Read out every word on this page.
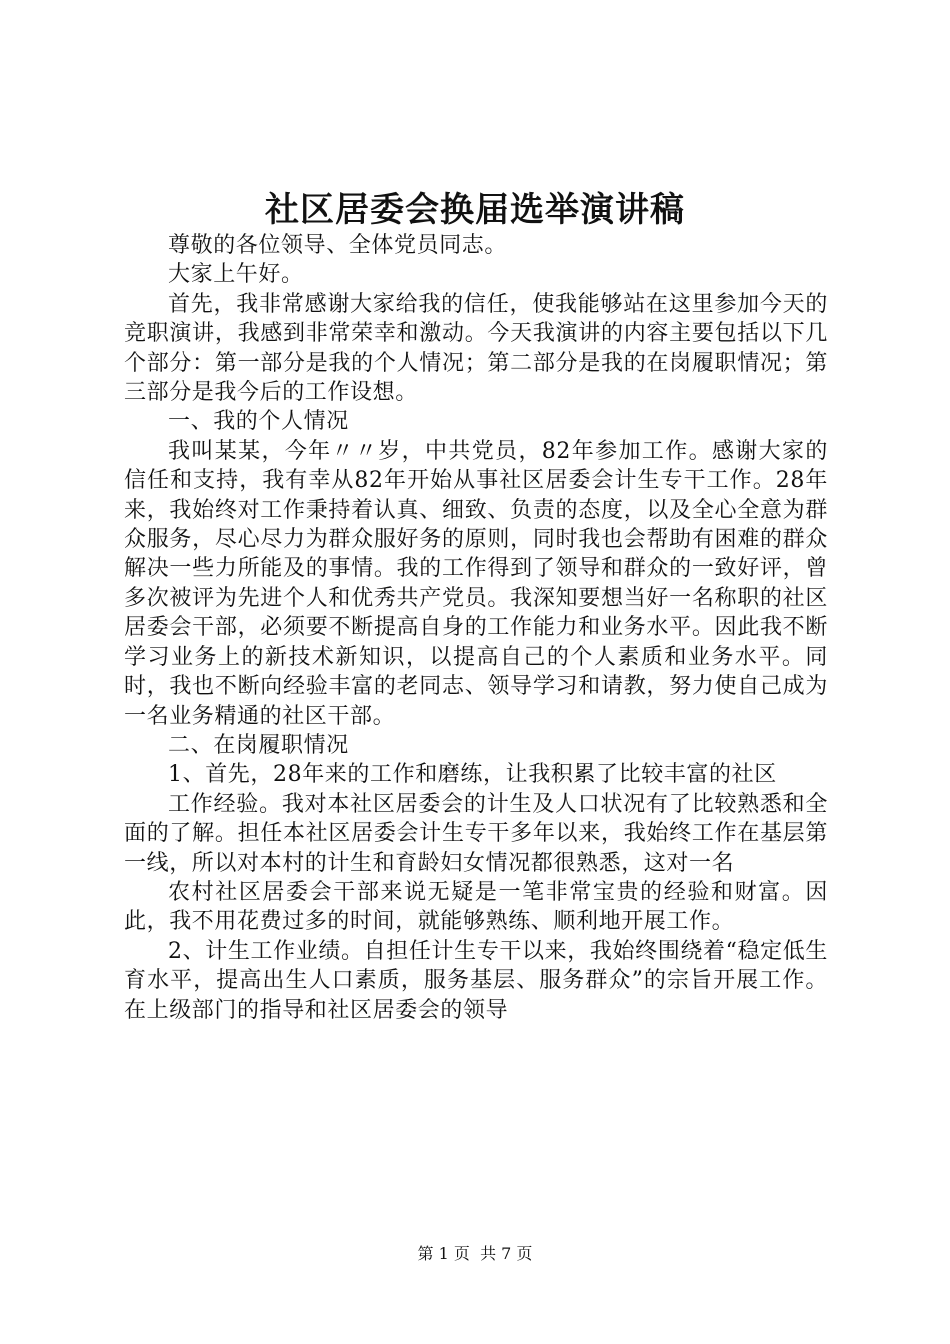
社区居委会换届选举演讲稿

尊敬的各位领导、全体党员同志。

大家上午好。

首先，我非常感谢大家给我的信任，使我能够站在这里参加今天的竞职演讲，我感到非常荣幸和激动。今天我演讲的内容主要包括以下几个部分：第一部分是我的个人情况；第二部分是我的在岗履职情况；第三部分是我今后的工作设想。

一、我的个人情况

我叫某某，今年〃〃岁，中共党员，82年参加工作。感谢大家的信任和支持，我有幸从82年开始从事社区居委会计生专干工作。28年来，我始终对工作秉持着认真、细致、负责的态度，以及全心全意为群众服务，尽心尽力为群众服好务的原则，同时我也会帮助有困难的群众解决一些力所能及的事情。我的工作得到了领导和群众的一致好评，曾多次被评为先进个人和优秀共产党员。我深知要想当好一名称职的社区居委会干部，必须要不断提高自身的工作能力和业务水平。因此我不断学习业务上的新技术新知识，以提高自己的个人素质和业务水平。同时，我也不断向经验丰富的老同志、领导学习和请教，努力使自己成为一名业务精通的社区干部。

二、在岗履职情况

1、首先，28年来的工作和磨练，让我积累了比较丰富的社区

工作经验。我对本社区居委会的计生及人口状况有了比较熟悉和全面的了解。担任本社区居委会计生专干多年以来，我始终工作在基层第一线，所以对本村的计生和育龄妇女情况都很熟悉，这对一名

农村社区居委会干部来说无疑是一笔非常宝贵的经验和财富。因此，我不用花费过多的时间，就能够熟练、顺利地开展工作。

2、计生工作业绩。自担任计生专干以来，我始终围绕着“稳定低生育水平，提高出生人口素质，服务基层、服务群众”的宗旨开展工作。在上级部门的指导和社区居委会的领导

第 1 页  共 7 页
